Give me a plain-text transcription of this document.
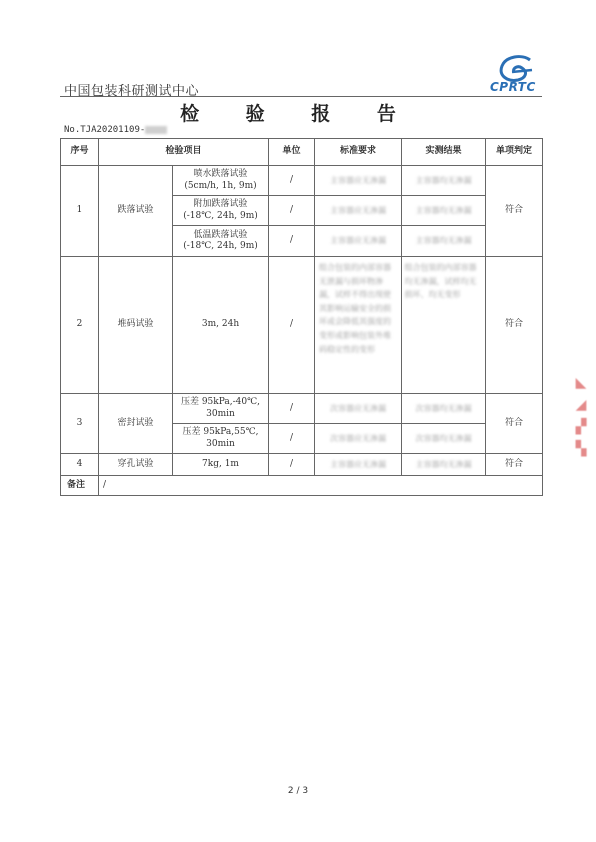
中国包装科研测试中心	CPRTC
检 验 报 告
No.TJA20201109-
序号	检验项目		单位	标准要求	实测结果	单项判定
1	跌落试验	喷水跌落试验
(5cm/h, 1h, 9m)	/	主容器应无渗漏	主容器均无渗漏	符合
		附加跌落试验
(-18℃, 24h, 9m)	/	主容器应无渗漏	主容器均无渗漏	
		低温跌落试验
(-18℃, 24h, 9m)	/	主容器应无渗漏	主容器均无渗漏	
2	堆码试验	3m, 24h	/	组合包装的内部容器无泄漏与损坏物渗漏，试样不得出现使其影响运输安全的损坏或会降低其强度的变形或影响包装外堆码稳定性的变形	组合包装的内部容器均无渗漏，试样均无损坏、均无变形	符合
3	密封试验	压差 95kPa,-40℃,
30min	/	次容器应无渗漏	次容器均无渗漏	符合
		压差 95kPa,55℃,
30min	/	次容器应无渗漏	次容器均无渗漏	
4	穿孔试验	7kg, 1m	/	主容器应无渗漏	主容器均无渗漏	符合
备注	/					
◣
◢
▞
▚
2 / 3
